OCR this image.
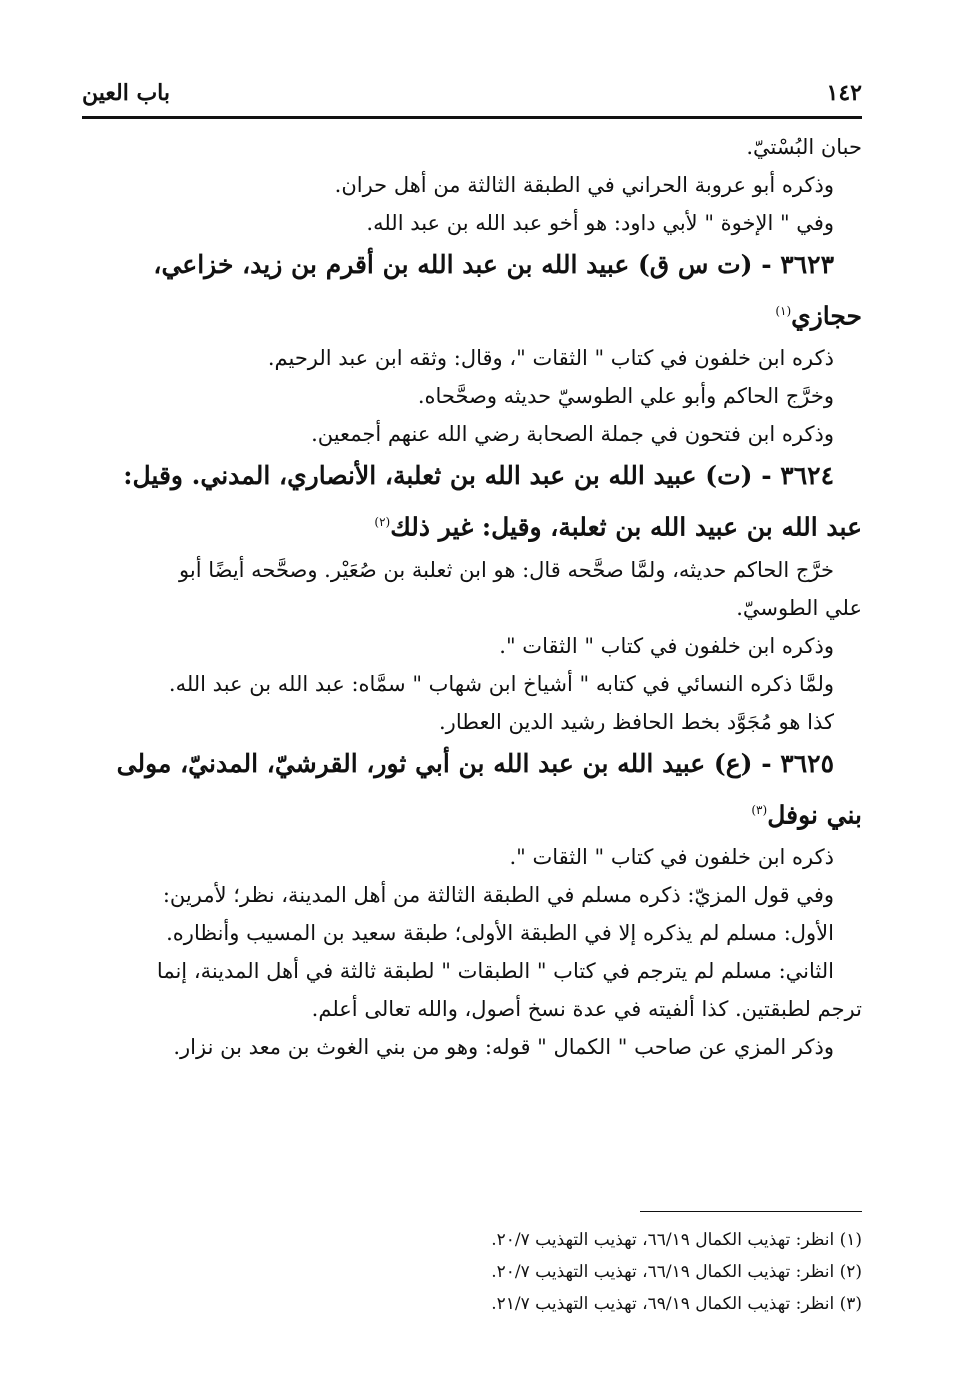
باب العين	١٤٢

حبان البُسْتيّ.

وذكره أبو عروبة الحراني في الطبقة الثالثة من أهل حران.

وفي " الإخوة " لأبي داود: هو أخو عبد الله بن عبد الله.

٣٦٢٣ - (ت س ق) عبيد الله بن عبد الله بن أقرم بن زيد، خزاعي،

حجازي$^{(١)}$

ذكره ابن خلفون في كتاب " الثقات "، وقال: وثقه ابن عبد الرحيم.

وخرَّج الحاكم وأبو علي الطوسيّ حديثه وصحَّحاه.

وذكره ابن فتحون في جملة الصحابة رضي الله عنهم أجمعين.

٣٦٢٤ - (ت) عبيد الله بن عبد الله بن ثعلبة، الأنصاري، المدني. وقيل:

عبد الله بن عبيد الله بن ثعلبة، وقيل: غير ذلك$^{(٢)}$

خرَّج الحاكم حديثه، ولمَّا صحَّحه قال: هو ابن ثعلبة بن صُعَيْر. وصحَّحه أيضًا أبو

علي الطوسيّ.

وذكره ابن خلفون في كتاب " الثقات ".

ولمَّا ذكره النسائي في كتابه " أشياخ ابن شهاب " سمَّاه: عبد الله بن عبد الله.

كذا هو مُجَوَّد بخط الحافظ رشيد الدين العطار.

٣٦٢٥ - (ع) عبيد الله بن عبد الله بن أبي ثور، القرشيّ، المدنيّ، مولى

بني نوفل$^{(٣)}$

ذكره ابن خلفون في كتاب " الثقات ".

وفي قول المزيّ: ذكره مسلم في الطبقة الثالثة من أهل المدينة، نظر؛ لأمرين:

الأول: مسلم لم يذكره إلا في الطبقة الأولى؛ طبقة سعيد بن المسيب وأنظاره.

الثاني: مسلم لم يترجم في كتاب " الطبقات " لطبقة ثالثة في أهل المدينة، إنما

ترجم لطبقتين. كذا ألفيته في عدة نسخ أصول، والله تعالى أعلم.

وذكر المزي عن صاحب " الكمال " قوله: وهو من بني الغوث بن معد بن نزار.

(١) انظر: تهذيب الكمال ٦٦/١٩، تهذيب التهذيب ٢٠/٧.

(٢) انظر: تهذيب الكمال ٦٦/١٩، تهذيب التهذيب ٢٠/٧.

(٣) انظر: تهذيب الكمال ٦٩/١٩، تهذيب التهذيب ٢١/٧.
